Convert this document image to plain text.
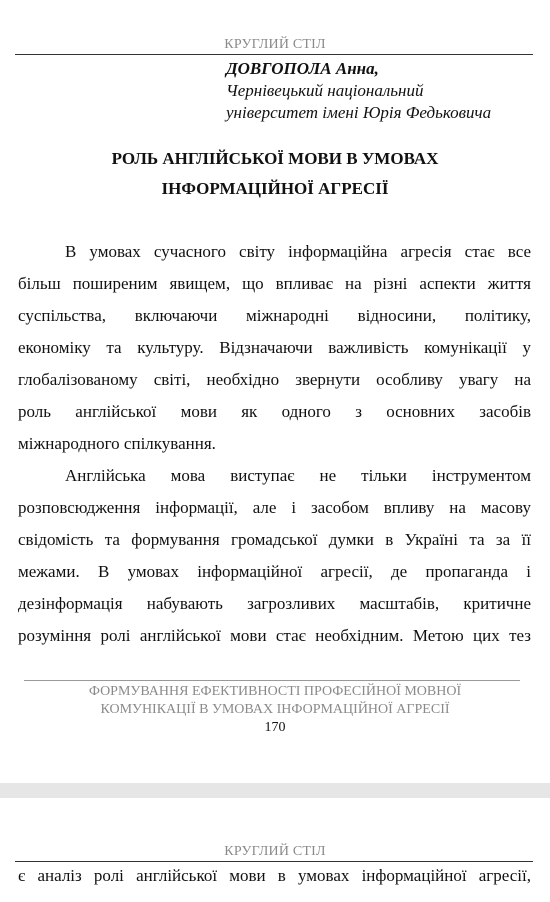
КРУГЛИЙ СТІЛ
ДОВГОПОЛА Анна,
Чернівецький національний
університет імені Юрія Федьковича
РОЛЬ АНГЛІЙСЬКОЇ МОВИ В УМОВАХ
ІНФОРМАЦІЙНОЇ АГРЕСІЇ
В умовах сучасного світу інформаційна агресія стає все
більш поширеним явищем, що впливає на різні аспекти життя
суспільства, включаючи міжнародні відносини, політику,
економіку та культуру. Відзначаючи важливість комунікації у
глобалізованому світі, необхідно звернути особливу увагу на
роль англійської мови як одного з основних засобів
міжнародного спілкування.
Англійська мова виступає не тільки інструментом
розповсюдження інформації, але і засобом впливу на масову
свідомість та формування громадської думки в Україні та за її
межами. В умовах інформаційної агресії, де пропаганда і
дезінформація набувають загрозливих масштабів, критичне
розуміння ролі англійської мови стає необхідним. Метою цих тез
ФОРМУВАННЯ ЕФЕКТИВНОСТІ ПРОФЕСІЙНОЇ МОВНОЇ
КОМУНІКАЦІЇ В УМОВАХ ІНФОРМАЦІЙНОЇ АГРЕСІЇ
170
КРУГЛИЙ СТІЛ
є аналіз ролі англійської мови в умовах інформаційної агресії,
